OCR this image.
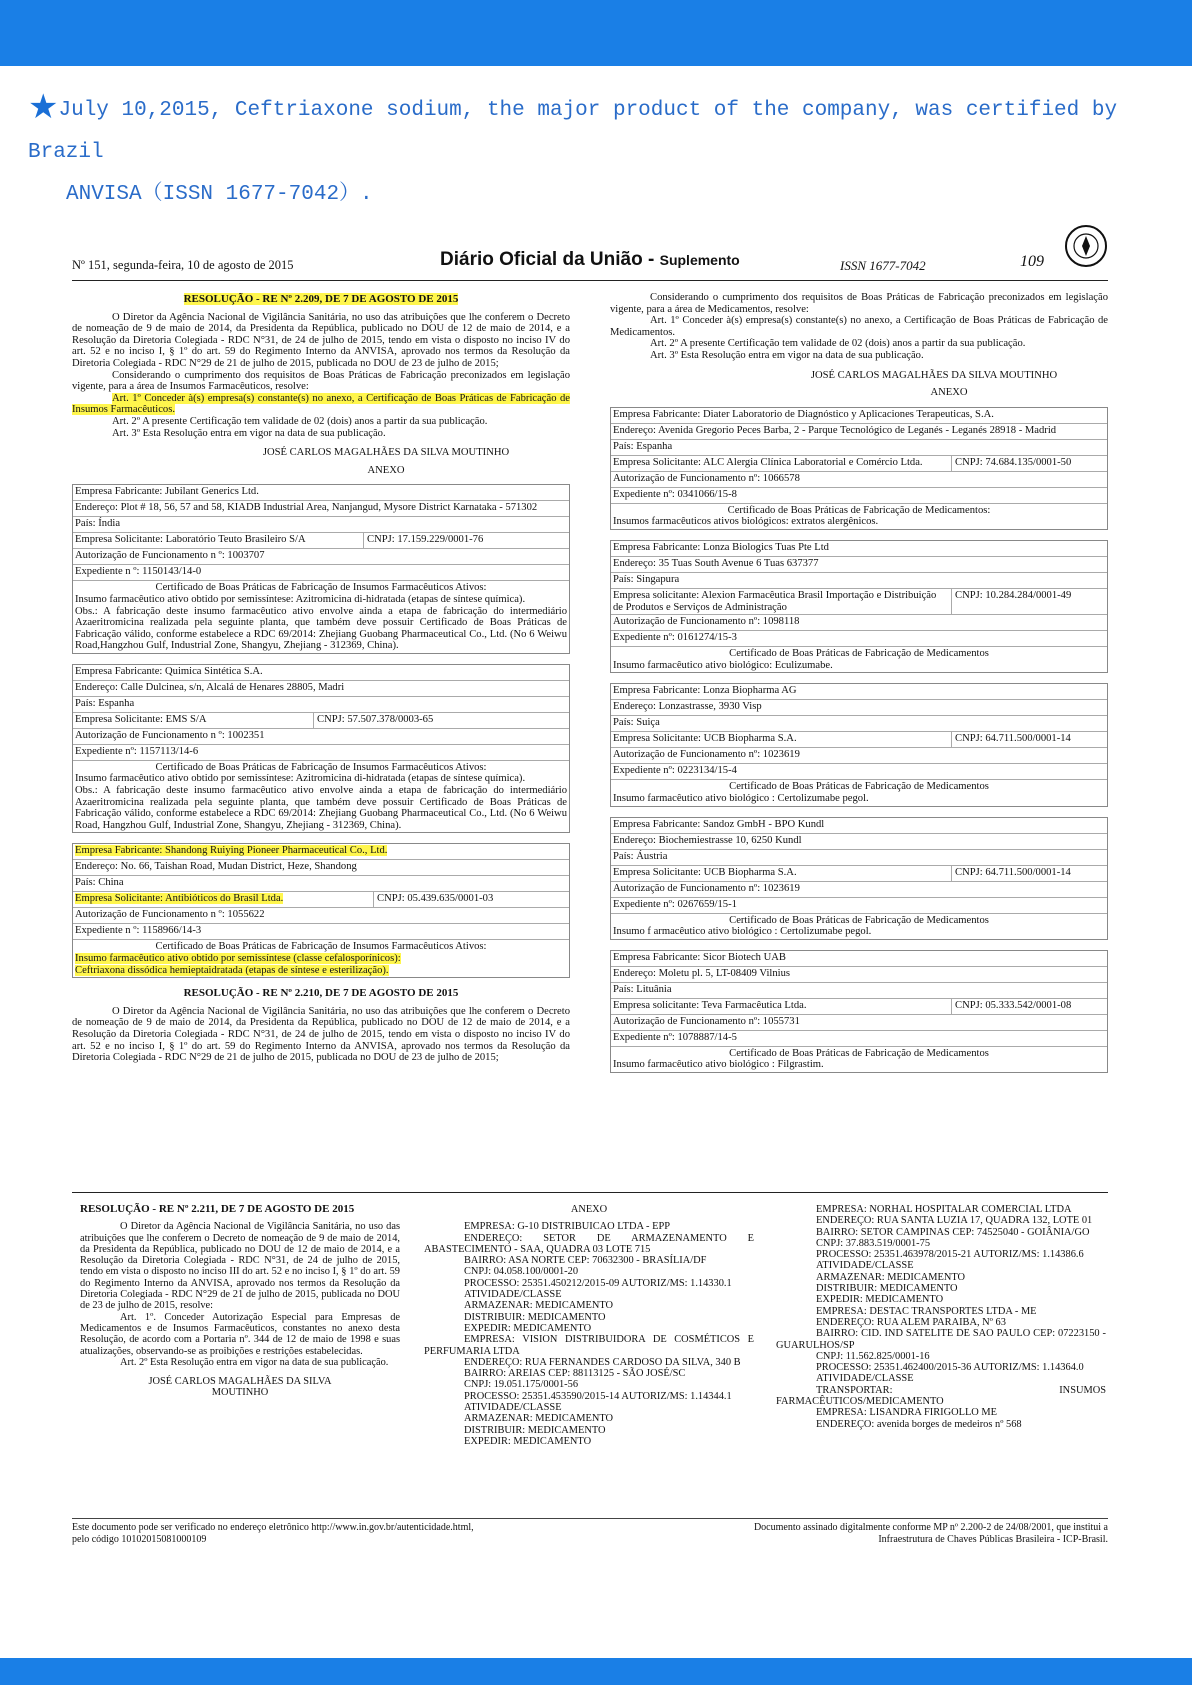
★July 10,2015, Ceftriaxone sodium, the major product of the company, was certified by Brazil
ANVISA（ISSN 1677-7042）.
Nº 151, segunda-feira, 10 de agosto de 2015	Diário Oficial da União - Suplemento	ISSN 1677-7042	109
RESOLUÇÃO - RE Nº 2.209, DE 7 DE AGOSTO DE 2015

O Diretor da Agência Nacional de Vigilância Sanitária, no uso das atribuições que lhe conferem o Decreto de nomeação de 9 de maio de 2014, da Presidenta da República, publicado no DOU de 12 de maio de 2014, e a Resolução da Diretoria Colegiada - RDC N°31, de 24 de julho de 2015, tendo em vista o disposto no inciso IV do art. 52 e no inciso I, § 1º do art. 59 do Regimento Interno da ANVISA, aprovado nos termos da Resolução da Diretoria Colegiada - RDC N°29 de 21 de julho de 2015, publicada no DOU de 23 de julho de 2015;

Considerando o cumprimento dos requisitos de Boas Práticas de Fabricação preconizados em legislação vigente, para a área de Insumos Farmacêuticos, resolve:

Art. 1º Conceder à(s) empresa(s) constante(s) no anexo, a Certificação de Boas Práticas de Fabricação de Insumos Farmacêuticos.

Art. 2º A presente Certificação tem validade de 02 (dois) anos a partir da sua publicação.

Art. 3º Esta Resolução entra em vigor na data de sua publicação.

JOSÉ CARLOS MAGALHÃES DA SILVA MOUTINHO
ANEXO
Empresa Fabricante: Jubilant Generics Ltd.
Endereço: Plot # 18, 56, 57 and 58, KIADB Industrial Area, Nanjangud, Mysore District Karnataka - 571302
País: Índia
Empresa Solicitante: Laboratório Teuto Brasileiro S/A	CNPJ: 17.159.229/0001-76
Autorização de Funcionamento n º: 1003707
Expediente n º: 1150143/14-0
Certificado de Boas Práticas de Fabricação de Insumos Farmacêuticos Ativos:

Insumo farmacêutico ativo obtido por semissíntese: Azitromicina di-hidratada (etapas de síntese química).

Obs.: A fabricação deste insumo farmacêutico ativo envolve ainda a etapa de fabricação do intermediário Azaeritromicina realizada pela seguinte planta, que também deve possuir Certificado de Boas Práticas de Fabricação válido, conforme estabelece a RDC 69/2014: Zhejiang Guobang Pharmaceutical Co., Ltd. (No 6 Weiwu Road,Hangzhou Gulf, Industrial Zone, Shangyu, Zhejiang - 312369, China).

Empresa Fabricante: Quimica Sintética S.A.
Endereço: Calle Dulcinea, s/n, Alcalá de Henares 28805, Madri
País: Espanha
Empresa Solicitante: EMS S/A	CNPJ: 57.507.378/0003-65
Autorização de Funcionamento n º: 1002351
Expediente nº: 1157113/14-6
Certificado de Boas Práticas de Fabricação de Insumos Farmacêuticos Ativos:

Insumo farmacêutico ativo obtido por semissíntese: Azitromicina di-hidratada (etapas de síntese química).

Obs.: A fabricação deste insumo farmacêutico ativo envolve ainda a etapa de fabricação do intermediário Azaeritromicina realizada pela seguinte planta, que também deve possuir Certificado de Boas Práticas de Fabricação válido, conforme estabelece a RDC 69/2014: Zhejiang Guobang Pharmaceutical Co., Ltd. (No 6 Weiwu Road, Hangzhou Gulf, Industrial Zone, Shangyu, Zhejiang - 312369, China).

Empresa Fabricante: Shandong Ruiying Pioneer Pharmaceutical Co., Ltd.
Endereço: No. 66, Taishan Road, Mudan District, Heze, Shandong
País: China
Empresa Solicitante: Antibióticos do Brasil Ltda.	CNPJ: 05.439.635/0001-03
Autorização de Funcionamento n º: 1055622
Expediente n º: 1158966/14-3
Certificado de Boas Práticas de Fabricação de Insumos Farmacêuticos Ativos:
Insumo farmacêutico ativo obtido por semissíntese (classe cefalosporínicos):
Ceftriaxona dissódica hemieptaidratada (etapas de síntese e esterilização).
RESOLUÇÃO - RE Nº 2.210, DE 7 DE AGOSTO DE 2015

O Diretor da Agência Nacional de Vigilância Sanitária, no uso das atribuições que lhe conferem o Decreto de nomeação de 9 de maio de 2014, da Presidenta da República, publicado no DOU de 12 de maio de 2014, e a Resolução da Diretoria Colegiada - RDC N°31, de 24 de julho de 2015, tendo em vista o disposto no inciso IV do art. 52 e no inciso I, § 1º do art. 59 do Regimento Interno da ANVISA, aprovado nos termos da Resolução da Diretoria Colegiada - RDC N°29 de 21 de julho de 2015, publicada no DOU de 23 de julho de 2015;

Considerando o cumprimento dos requisitos de Boas Práticas de Fabricação preconizados em legislação vigente, para a área de Medicamentos, resolve:

Art. 1º Conceder à(s) empresa(s) constante(s) no anexo, a Certificação de Boas Práticas de Fabricação de Medicamentos.

Art. 2º A presente Certificação tem validade de 02 (dois) anos a partir da sua publicação.

Art. 3º Esta Resolução entra em vigor na data de sua publicação.

JOSÉ CARLOS MAGALHÃES DA SILVA MOUTINHO
ANEXO
Empresa Fabricante: Diater Laboratorio de Diagnóstico y Aplicaciones Terapeuticas, S.A.
Endereço: Avenida Gregorio Peces Barba, 2 - Parque Tecnológico de Leganés - Leganés 28918 - Madrid
País: Espanha
Empresa Solicitante: ALC Alergia Clínica Laboratorial e Comércio Ltda.	CNPJ: 74.684.135/0001-50
Autorização de Funcionamento nº: 1066578
Expediente nº: 0341066/15-8
Certificado de Boas Práticas de Fabricação de Medicamentos:
Insumos farmacêuticos ativos biológicos: extratos alergênicos.
Empresa Fabricante: Lonza Biologics Tuas Pte Ltd
Endereço: 35 Tuas South Avenue 6 Tuas 637377
País: Singapura
Empresa solicitante: Alexion Farmacêutica Brasil Importação e Distribuição de Produtos e Serviços de Administração
CNPJ: 10.284.284/0001-49
Autorização de Funcionamento nº: 1098118
Expediente nº: 0161274/15-3
Certificado de Boas Práticas de Fabricação de Medicamentos
Insumo farmacêutico ativo biológico: Eculizumabe.
Empresa Fabricante: Lonza Biopharma AG
Endereço: Lonzastrasse, 3930 Visp
País: Suiça
Empresa Solicitante: UCB Biopharma S.A.	CNPJ: 64.711.500/0001-14
Autorização de Funcionamento nº: 1023619
Expediente nº: 0223134/15-4
Certificado de Boas Práticas de Fabricação de Medicamentos
Insumo farmacêutico ativo biológico : Certolizumabe pegol.
Empresa Fabricante: Sandoz GmbH - BPO Kundl
Endereço: Biochemiestrasse 10, 6250 Kundl
País: Áustria
Empresa Solicitante: UCB Biopharma S.A.	CNPJ: 64.711.500/0001-14
Autorização de Funcionamento nº: 1023619
Expediente nº: 0267659/15-1
Certificado de Boas Práticas de Fabricação de Medicamentos
Insumo f armacêutico ativo biológico : Certolizumabe pegol.
Empresa Fabricante: Sicor Biotech UAB
Endereço: Moletu pl. 5, LT-08409 Vilnius
País: Lituânia
Empresa solicitante: Teva Farmacêutica Ltda.	CNPJ: 05.333.542/0001-08
Autorização de Funcionamento nº: 1055731
Expediente nº: 1078887/14-5
Certificado de Boas Práticas de Fabricação de Medicamentos
Insumo farmacêutico ativo biológico : Filgrastim.
RESOLUÇÃO - RE Nº 2.211, DE 7 DE AGOSTO DE 2015

O Diretor da Agência Nacional de Vigilância Sanitária, no uso das atribuições que lhe conferem o Decreto de nomeação de 9 de maio de 2014, da Presidenta da República, publicado no DOU de 12 de maio de 2014, e a Resolução da Diretoria Colegiada - RDC N°31, de 24 de julho de 2015, tendo em vista o disposto no inciso III do art. 52 e no inciso I, § 1º do art. 59 do Regimento Interno da ANVISA, aprovado nos termos da Resolução da Diretoria Colegiada - RDC N°29 de 21 de julho de 2015, publicada no DOU de 23 de julho de 2015, resolve:

Art. 1º. Conceder Autorização Especial para Empresas de Medicamentos e de Insumos Farmacêuticos, constantes no anexo desta Resolução, de acordo com a Portaria nº. 344 de 12 de maio de 1998 e suas atualizações, observando-se as proibições e restrições estabelecidas.

Art. 2º Esta Resolução entra em vigor na data de sua publicação.

JOSÉ CARLOS MAGALHÃES DA SILVA MOUTINHO
ANEXO

EMPRESA: G-10 DISTRIBUICAO LTDA - EPP

ENDEREÇO: SETOR DE ARMAZENAMENTO E ABASTECIMENTO - SAA, QUADRA 03 LOTE 715

BAIRRO: ASA NORTE CEP: 70632300 - BRASÍLIA/DF

CNPJ: 04.058.100/0001-20

PROCESSO: 25351.450212/2015-09 AUTORIZ/MS: 1.14330.1

ATIVIDADE/CLASSE

ARMAZENAR: MEDICAMENTO

DISTRIBUIR: MEDICAMENTO

EXPEDIR: MEDICAMENTO

EMPRESA: VISION DISTRIBUIDORA DE COSMÉTICOS E PERFUMARIA LTDA

ENDEREÇO: RUA FERNANDES CARDOSO DA SILVA, 340 B

BAIRRO: AREIAS CEP: 88113125 - SÃO JOSÉ/SC

CNPJ: 19.051.175/0001-56

PROCESSO: 25351.453590/2015-14 AUTORIZ/MS: 1.14344.1

ATIVIDADE/CLASSE

ARMAZENAR: MEDICAMENTO

DISTRIBUIR: MEDICAMENTO

EXPEDIR: MEDICAMENTO

EMPRESA: NORHAL HOSPITALAR COMERCIAL LTDA

ENDEREÇO: RUA SANTA LUZIA 17, QUADRA 132, LOTE 01

BAIRRO: SETOR CAMPINAS CEP: 74525040 - GOIÂNIA/GO

CNPJ: 37.883.519/0001-75

PROCESSO: 25351.463978/2015-21 AUTORIZ/MS: 1.14386.6

ATIVIDADE/CLASSE

ARMAZENAR: MEDICAMENTO

DISTRIBUIR: MEDICAMENTO

EXPEDIR: MEDICAMENTO

EMPRESA: DESTAC TRANSPORTES LTDA - ME

ENDEREÇO: RUA ALEM PARAIBA, Nº 63

BAIRRO: CID. IND SATELITE DE SAO PAULO CEP: 07223150 - GUARULHOS/SP

CNPJ: 11.562.825/0001-16

PROCESSO: 25351.462400/2015-36 AUTORIZ/MS: 1.14364.0

ATIVIDADE/CLASSE

TRANSPORTAR: INSUMOS FARMACÊUTICOS/MEDICAMENTO

EMPRESA: LISANDRA FIRIGOLLO ME

ENDEREÇO: avenida borges de medeiros nº 568

Este documento pode ser verificado no endereço eletrônico http://www.in.gov.br/autenticidade.html,
pelo código 10102015081000109
Documento assinado digitalmente conforme MP nº 2.200-2 de 24/08/2001, que institui a
Infraestrutura de Chaves Públicas Brasileira - ICP-Brasil.
